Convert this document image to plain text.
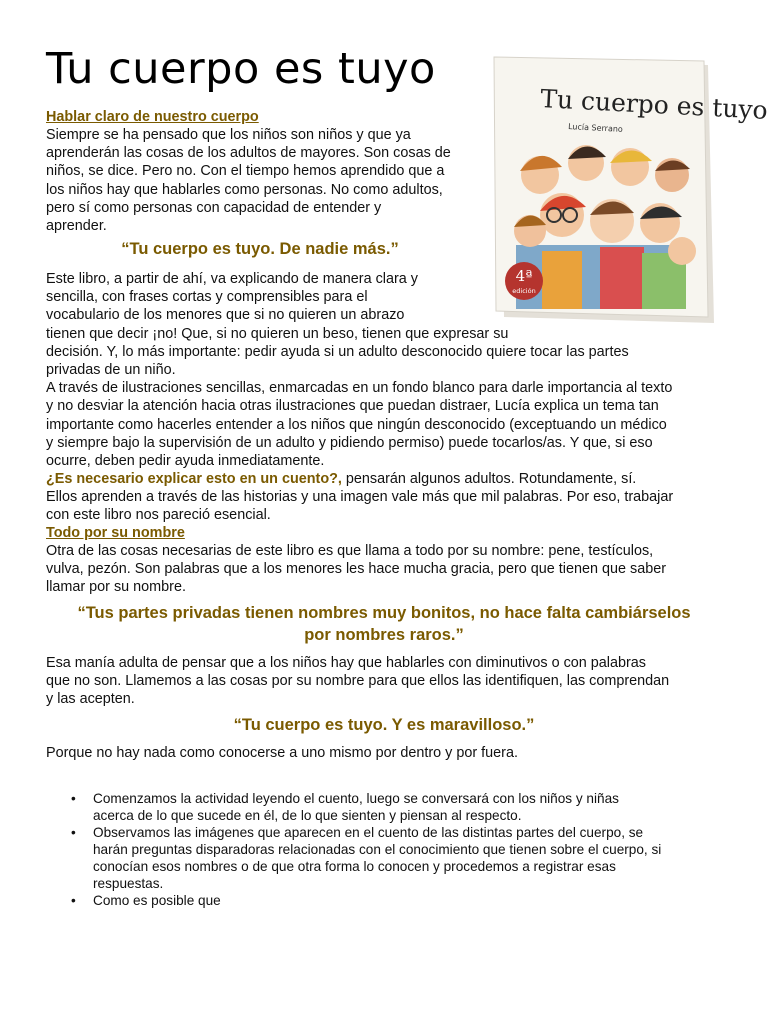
Tu cuerpo es tuyo
Tu cuerpo es tuyo
Lucía Serrano
4ª
edición

Hablar claro de nuestro cuerpo

Siempre se ha pensado que los niños son niños y que ya
aprenderán las cosas de los adultos de mayores. Son cosas de
niños, se dice. Pero no. Con el tiempo hemos aprendido que a
los niños hay que hablarles como personas. No como adultos,
pero sí como personas con capacidad de entender y
aprender.
“Tu cuerpo es tuyo. De nadie más.”
Este libro, a partir de ahí, va explicando de manera clara y
sencilla, con frases cortas y comprensibles para el
vocabulario de los menores que si no quieren un abrazo
tienen que decir ¡no! Que, si no quieren un beso, tienen que expresar su
decisión. Y, lo más importante: pedir ayuda si un adulto desconocido quiere tocar las partes
privadas de un niño.
A través de ilustraciones sencillas, enmarcadas en un fondo blanco para darle importancia al texto
y no desviar la atención hacia otras ilustraciones que puedan distraer, Lucía explica un tema tan
importante como hacerles entender a los niños que ningún desconocido (exceptuando un médico
y siempre bajo la supervisión de un adulto y pidiendo permiso) puede tocarlos/as. Y que, si eso
ocurre, deben pedir ayuda inmediatamente.
¿Es necesario explicar esto en un cuento?, pensarán algunos adultos. Rotundamente, sí.
Ellos aprenden a través de las historias y una imagen vale más que mil palabras. Por eso, trabajar
con este libro nos pareció esencial.

Todo por su nombre

Otra de las cosas necesarias de este libro es que llama a todo por su nombre: pene, testículos,
vulva, pezón. Son palabras que a los menores les hace mucha gracia, pero que tienen que saber
llamar por su nombre.
“Tus partes privadas tienen nombres muy bonitos, no hace falta cambiárselos
por nombres raros.”
Esa manía adulta de pensar que a los niños hay que hablarles con diminutivos o con palabras
que no son. Llamemos a las cosas por su nombre para que ellos las identifiquen, las comprendan
y las acepten.
“Tu cuerpo es tuyo. Y es maravilloso.”
Porque no hay nada como conocerse a uno mismo por dentro y por fuera.
• Comenzamos la actividad leyendo el cuento, luego se conversará con los niños y niñas
acerca de lo que sucede en él, de lo que sienten y piensan al respecto.
• Observamos las imágenes que aparecen en el cuento de las distintas partes del cuerpo, se
harán preguntas disparadoras relacionadas con el conocimiento que tienen sobre el cuerpo, si
conocían esos nombres o de que otra forma lo conocen y procedemos a registrar esas
respuestas.
• Como es posible que
